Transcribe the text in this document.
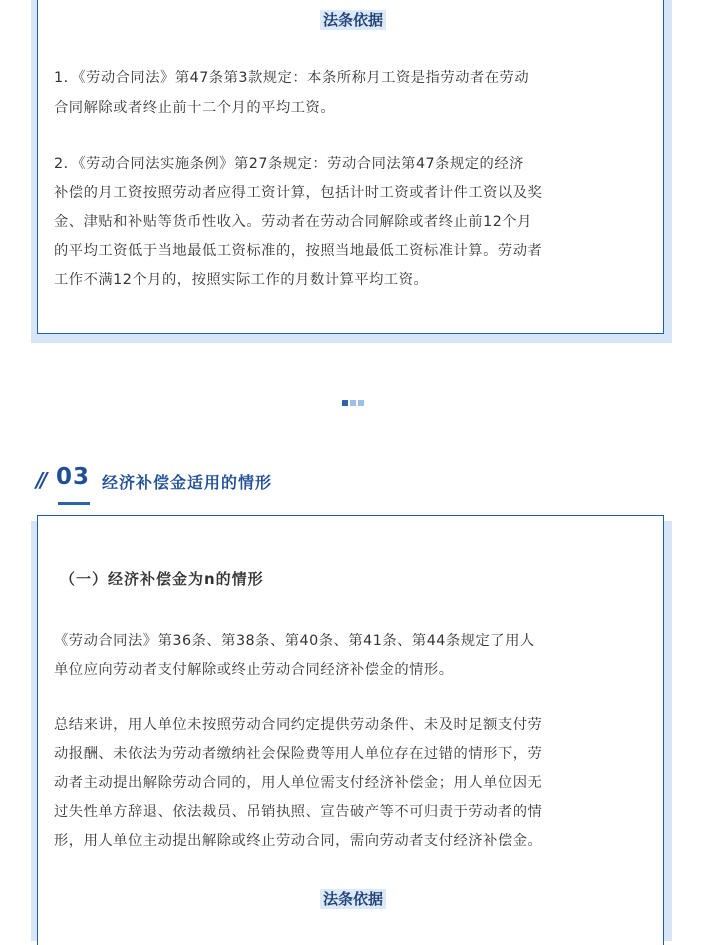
法条依据

1．《劳动合同法》第47条第3款规定：本条所称月工资是指劳动者在劳动

合同解除或者终止前十二个月的平均工资。

2．《劳动合同法实施条例》第27条规定：劳动合同法第47条规定的经济

补偿的月工资按照劳动者应得工资计算，包括计时工资或者计件工资以及奖

金、津贴和补贴等货币性收入。劳动者在劳动合同解除或者终止前12个月

的平均工资低于当地最低工资标准的，按照当地最低工资标准计算。劳动者

工作不满12个月的，按照实际工作的月数计算平均工资。

// 03 经济补偿金适用的情形
（一）经济补偿金为n的情形

《劳动合同法》第36条、第38条、第40条、第41条、第44条规定了用人

单位应向劳动者支付解除或终止劳动合同经济补偿金的情形。

总结来讲，用人单位未按照劳动合同约定提供劳动条件、未及时足额支付劳

动报酬、未依法为劳动者缴纳社会保险费等用人单位存在过错的情形下，劳

动者主动提出解除劳动合同的，用人单位需支付经济补偿金；用人单位因无

过失性单方辞退、依法裁员、吊销执照、宣告破产等不可归责于劳动者的情

形，用人单位主动提出解除或终止劳动合同，需向劳动者支付经济补偿金。

法条依据
